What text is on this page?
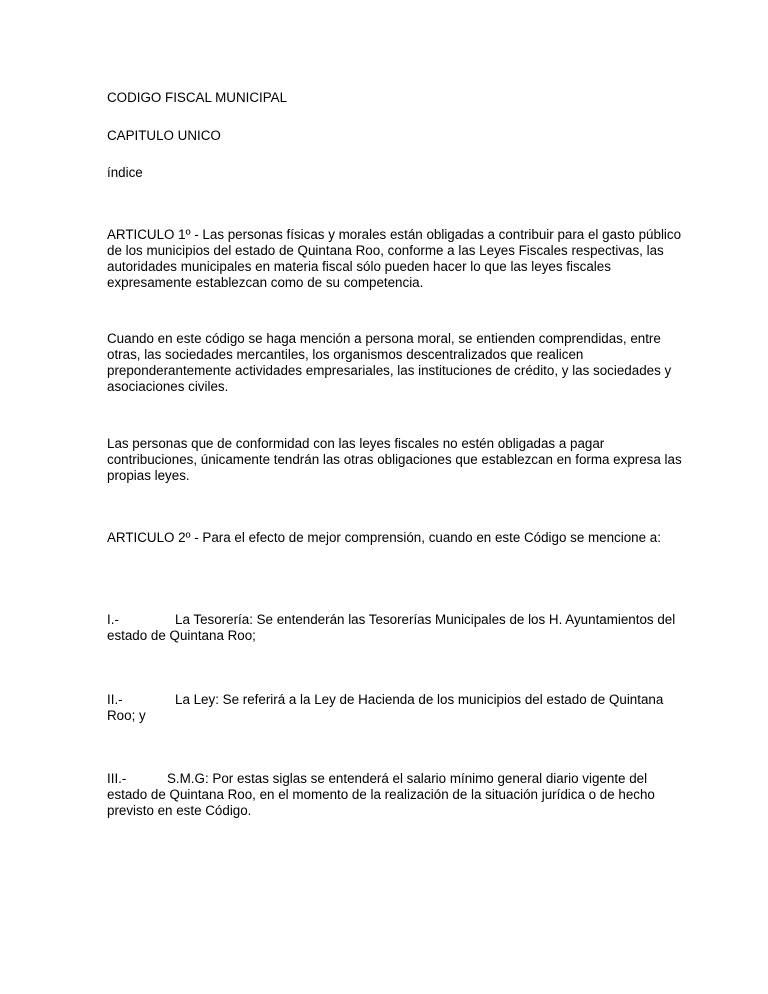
CODIGO FISCAL MUNICIPAL

CAPITULO UNICO

índice

ARTICULO 1º - Las personas físicas y morales están obligadas a contribuir para el gasto público de los municipios del estado de Quintana Roo, conforme a las Leyes Fiscales respectivas, las autoridades municipales en materia fiscal sólo pueden hacer lo que las leyes fiscales expresamente establezcan como de su competencia.

Cuando en este código se haga mención a persona moral, se entienden comprendidas, entre otras, las sociedades mercantiles, los organismos descentralizados que realicen preponderantemente actividades empresariales, las instituciones de crédito, y las sociedades y asociaciones civiles.

Las personas que de conformidad con las leyes fiscales no estén obligadas a pagar contribuciones, únicamente tendrán las otras obligaciones que establezcan en forma expresa las propias leyes.

ARTICULO 2º - Para el efecto de mejor comprensión, cuando en este Código se mencione a:

I.-	La Tesorería: Se entenderán las Tesorerías Municipales de los H. Ayuntamientos del estado de Quintana Roo;

II.-	La Ley: Se referirá a la Ley de Hacienda de los municipios del estado de Quintana Roo; y

III.-	S.M.G: Por estas siglas se entenderá el salario mínimo general diario vigente del estado de Quintana Roo, en el momento de la realización de la situación jurídica o de hecho previsto en este Código.
